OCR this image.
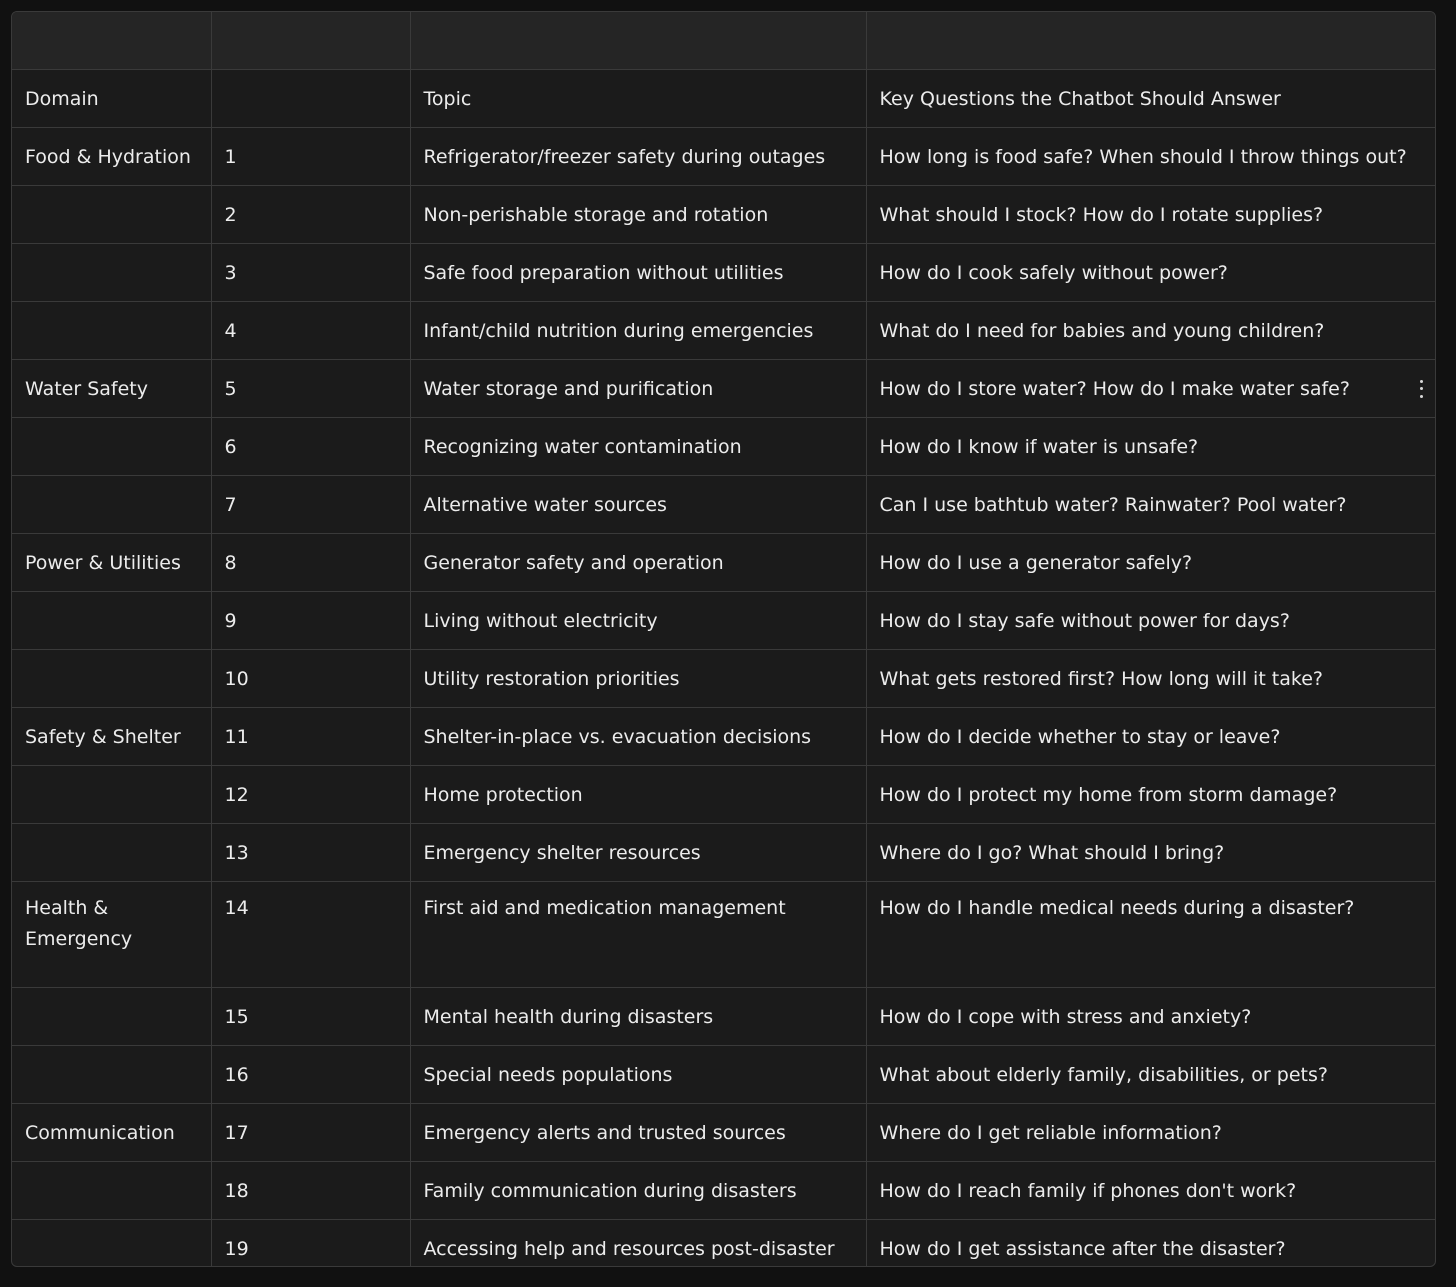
Domain		Topic	Key Questions the Chatbot Should Answer
Food & Hydration	1	Refrigerator/freezer safety during outages	How long is food safe? When should I throw things out?
	2	Non-perishable storage and rotation	What should I stock? How do I rotate supplies?
	3	Safe food preparation without utilities	How do I cook safely without power?
	4	Infant/child nutrition during emergencies	What do I need for babies and young children?
Water Safety	5	Water storage and purification	How do I store water? How do I make water safe?

	6	Recognizing water contamination	How do I know if water is unsafe?
	7	Alternative water sources	Can I use bathtub water? Rainwater? Pool water?
Power & Utilities	8	Generator safety and operation	How do I use a generator safely?
	9	Living without electricity	How do I stay safe without power for days?
	10	Utility restoration priorities	What gets restored first? How long will it take?
Safety & Shelter	11	Shelter-in-place vs. evacuation decisions	How do I decide whether to stay or leave?
	12	Home protection	How do I protect my home from storm damage?
	13	Emergency shelter resources	Where do I go? What should I bring?

Health & Emergency	14	First aid and medication management	How do I handle medical needs during a disaster?

	15	Mental health during disasters	How do I cope with stress and anxiety?
	16	Special needs populations	What about elderly family, disabilities, or pets?
Communication	17	Emergency alerts and trusted sources	Where do I get reliable information?
	18	Family communication during disasters	How do I reach family if phones don't work?
	19	Accessing help and resources post-disaster	How do I get assistance after the disaster?
